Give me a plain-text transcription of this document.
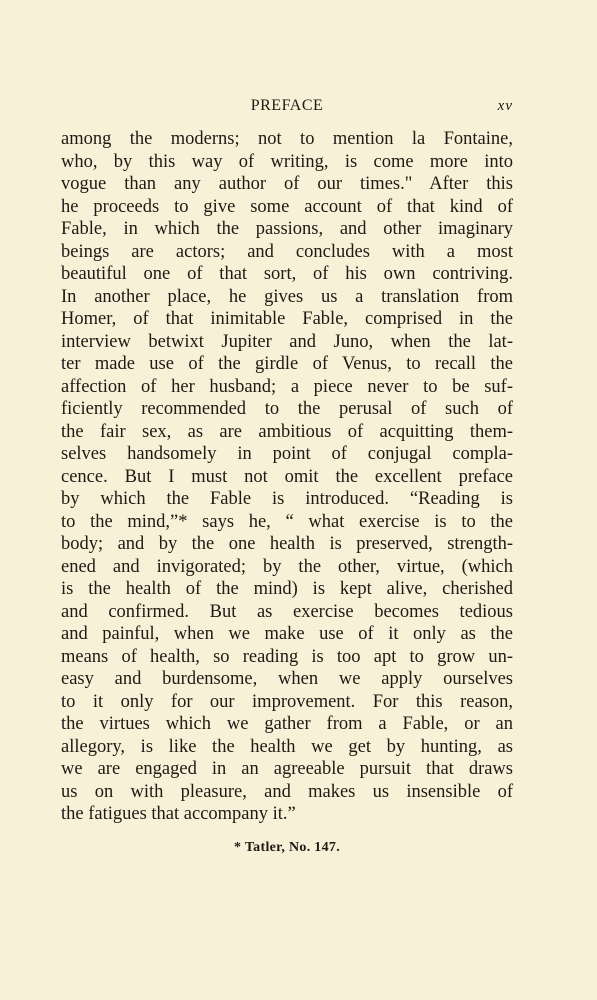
PREFACE	xv
among the moderns; not to mention la Fontaine,
who, by this way of writing, is come more into
vogue than any author of our times." After this
he proceeds to give some account of that kind of
Fable, in which the passions, and other imaginary
beings are actors; and concludes with a most
beautiful one of that sort, of his own contriving.
In another place, he gives us a translation from
Homer, of that inimitable Fable, comprised in the
interview betwixt Jupiter and Juno, when the lat-
ter made use of the girdle of Venus, to recall the
affection of her husband; a piece never to be suf-
ficiently recommended to the perusal of such of
the fair sex, as are ambitious of acquitting them-
selves handsomely in point of conjugal compla-
cence. But I must not omit the excellent preface
by which the Fable is introduced. “Reading is
to the mind,”* says he, “ what exercise is to the
body; and by the one health is preserved, strength-
ened and invigorated; by the other, virtue, (which
is the health of the mind) is kept alive, cherished
and confirmed. But as exercise becomes tedious
and painful, when we make use of it only as the
means of health, so reading is too apt to grow un-
easy and burdensome, when we apply ourselves
to it only for our improvement. For this reason,
the virtues which we gather from a Fable, or an
allegory, is like the health we get by hunting, as
we are engaged in an agreeable pursuit that draws
us on with pleasure, and makes us insensible of
the fatigues that accompany it.”
* Tatler, No. 147.
